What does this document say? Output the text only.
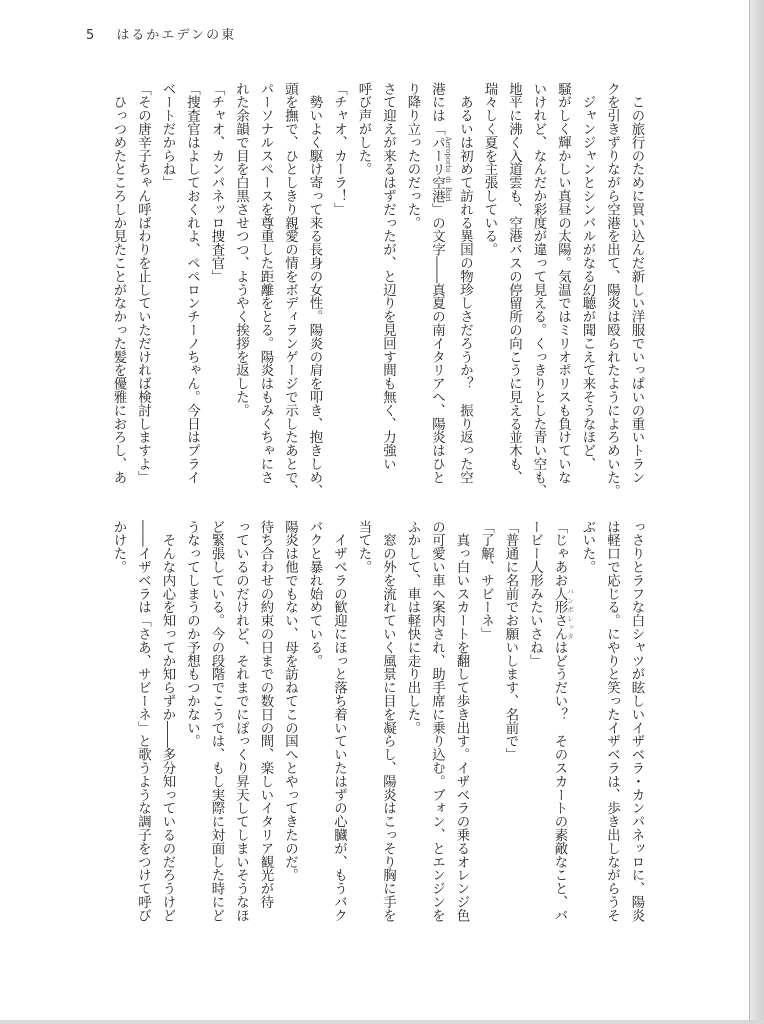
5 はるかエデンの東
　この旅行のために買い込んだ新しい洋服でいっぱいの重いトラン
クを引きずりながら空港を出て、陽炎は殴られたようによろめいた。
　ジャンジャンとシンバルがなる幻聴が聞こえて来そうなほど、
騒がしく輝かしい真昼の太陽。気温ではミリオポリスも負けていな
いけれど、なんだか彩度が違って見える。くっきりとした青い空も、
地平に沸く入道雲も、空港バスの停留所の向こうに見える並木も、
瑞々しく夏を主張している。
　あるいは初めて訪れる異国の物珍しさだろうか？　振り返った空
港には「パーリ空港 Aeroporto di Bari」の文字――真夏の南イタリアへ、陽炎はひと
り降り立ったのだった。
さて迎えが来るはずだったが、と辺りを見回す間も無く、力強い
呼び声がした。
「チャオ、カーラ！」
　勢いよく駆け寄って来る長身の女性。陽炎の肩を叩き、抱きしめ、
頭を撫で、ひとしきり親愛の情をボディランゲージで示したあとで、
パーソナルスペースを尊重した距離をとる。陽炎はもみくちゃにさ
れた余韻で目を白黒させつつ、ようやく挨拶を返した。
「チャオ、カンパネッロ捜査官」
「捜査官はよしておくれよ、ペペロンチーノちゃん。今日はプライ
ベートだからね」
「その唐辛子ちゃん呼ばわりを止していただければ検討しますよ」
　ひっつめたところしか見たことがなかった髪を優雅におろし、あ
っさりとラフな白シャツが眩しいイザベラ・カンパネッロに、陽炎
は軽口で応じる。にやりと笑ったイザベラは、歩き出しながらうそ
ぶいた。
「じゃあお人形さん バンボレッタはどうだい？　そのスカートの素敵なこと、バ
ービー人形みたいさね」
「普通に名前でお願いします、名前で」
「了解、サビーネ」
　真っ白いスカートを翻して歩き出す。イザベラの乗るオレンジ色
の可愛い車へ案内され、助手席に乗り込む。ブォン、とエンジンを
ふかして、車は軽快に走り出した。
　窓の外を流れていく風景に目を凝らし、陽炎はこっそり胸に手を
当てた。
　イザベラの歓迎にほっと落ち着いていたはずの心臓が、もうバク
バクと暴れ始めている。
陽炎は他でもない、母を訪ねてこの国へとやってきたのだ。
待ち合わせの約束の日までの数日の間、楽しいイタリア観光が待
っているのだけれど、それまでにぽっくり昇天してしまいそうなほ
ど緊張している。今の段階でこうでは、もし実際に対面した時にど
うなってしまうのか予想もつかない。
　そんな内心を知ってか知らずか――多分知っているのだろうけど
――イザベラは「さあ、サビーネ」と歌うような調子をつけて呼び
かけた。
